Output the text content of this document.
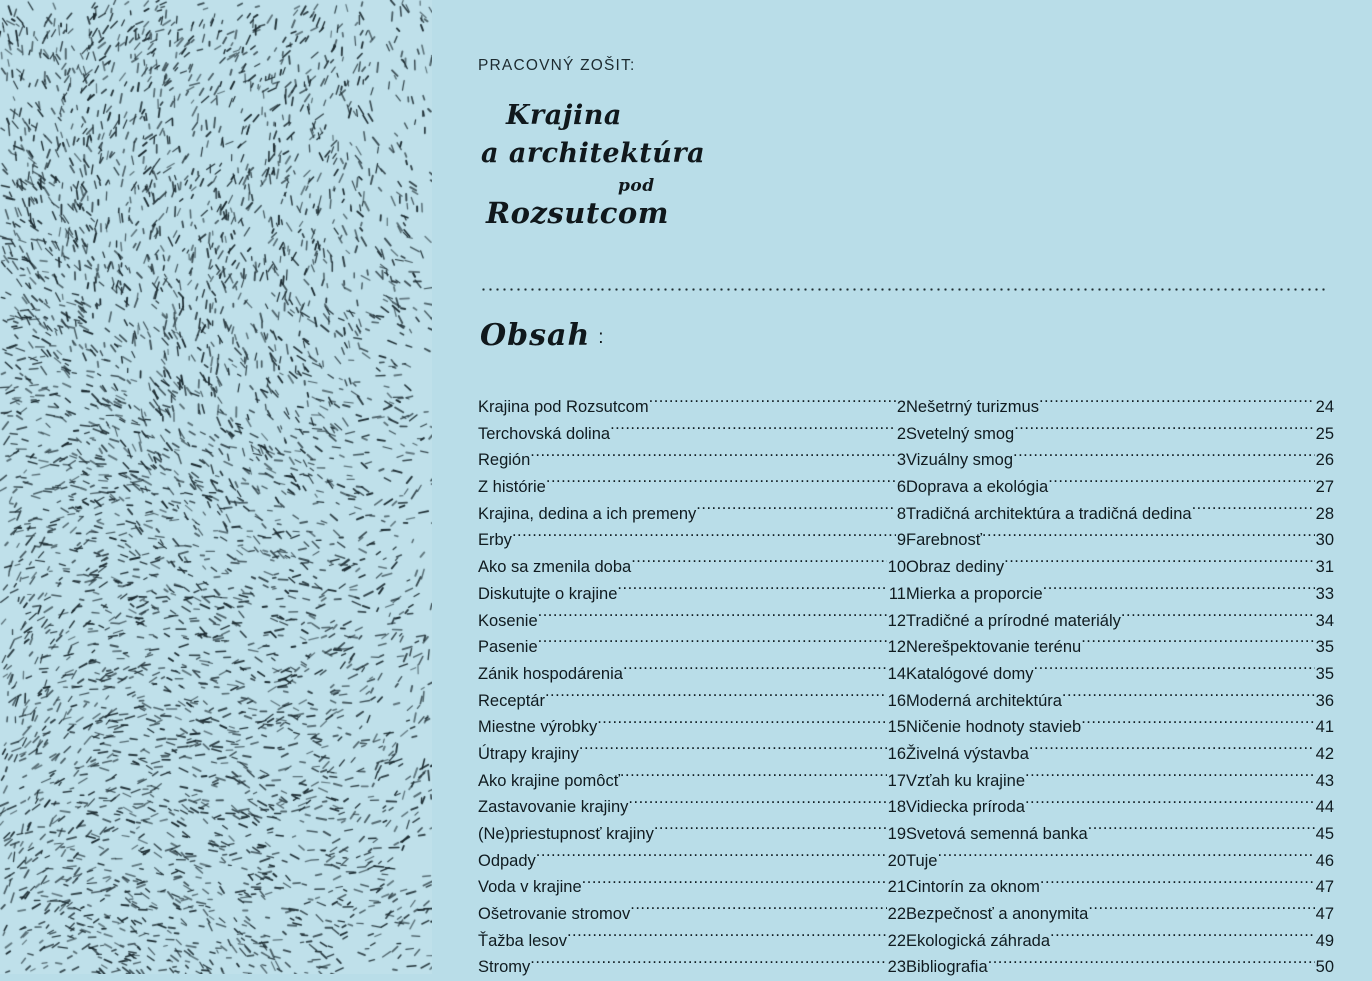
PRACOVNÝ ZOŠIT:
Krajina
a architektúra
pod
Rozsutcom
Obsah :
Krajina pod Rozsutcom .....	2
Terchovská dolina .....	2
Región .....	3
Z histórie .....	6
Krajina, dedina a ich premeny .....	8
Erby .....	9
Ako sa zmenila doba .....	10
Diskutujte o krajine .....	11
Kosenie .....	12
Pasenie .....	12
Zánik hospodárenia .....	14
Receptár .....	16
Miestne výrobky .....	15
Útrapy krajiny .....	16
Ako krajine pomôcť .....	17
Zastavovanie krajiny .....	18
(Ne)priestupnosť krajiny .....	19
Odpady .....	20
Voda v krajine .....	21
Ošetrovanie stromov .....	22
Ťažba lesov .....	22
Stromy .....	23
Nešetrný turizmus .....	24
Svetelný smog .....	25
Vizuálny smog .....	26
Doprava a ekológia .....	27
Tradičná architektúra a tradičná dedina .....	28
Farebnosť .....	30
Obraz dediny .....	31
Mierka a proporcie .....	33
Tradičné a prírodné materiály .....	34
Nerešpektovanie terénu .....	35
Katalógové domy .....	35
Moderná architektúra .....	36
Ničenie hodnoty stavieb .....	41
Živelná výstavba .....	42
Vzťah ku krajine .....	43
Vidiecka príroda .....	44
Svetová semenná banka .....	45
Tuje .....	46
Cintorín za oknom .....	47
Bezpečnosť a anonymita .....	47
Ekologická záhrada .....	49
Bibliografia .....	50
